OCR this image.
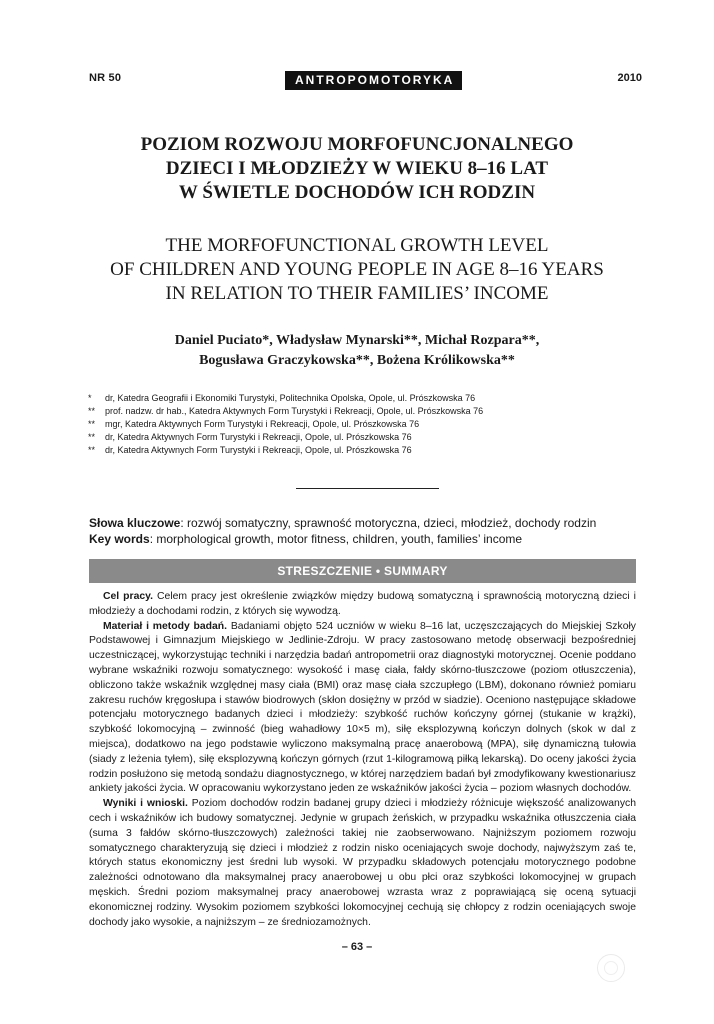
NR 50	ANTROPOMOTORYKA	2010
POZIOM ROZWOJU MORFOFUNCJONALNEGO
DZIECI I MŁODZIEŻY W WIEKU 8–16 LAT
W ŚWIETLE DOCHODÓW ICH RODZIN
THE MORFOFUNCTIONAL GROWTH LEVEL
OF CHILDREN AND YOUNG PEOPLE IN AGE 8–16 YEARS
IN RELATION TO THEIR FAMILIES’ INCOME
Daniel Puciato*, Władysław Mynarski**, Michał Rozpara**,
Bogusława Graczykowska**, Bożena Królikowska**
*	dr, Katedra Geografii i Ekonomiki Turystyki, Politechnika Opolska, Opole, ul. Prószkowska 76
**	prof. nadzw. dr hab., Katedra Aktywnych Form Turystyki i Rekreacji, Opole, ul. Prószkowska 76
**	mgr, Katedra Aktywnych Form Turystyki i Rekreacji, Opole, ul. Prószkowska 76
**	dr, Katedra Aktywnych Form Turystyki i Rekreacji, Opole, ul. Prószkowska 76
**	dr, Katedra Aktywnych Form Turystyki i Rekreacji, Opole, ul. Prószkowska 76
Słowa kluczowe: rozwój somatyczny, sprawność motoryczna, dzieci, młodzież, dochody rodzin
Key words: morphological growth, motor fitness, children, youth, families’ income
STRESZCZENIE • SUMMARY

Cel pracy. Celem pracy jest określenie związków między budową somatyczną i sprawnością motoryczną dzieci i młodzieży a dochodami rodzin, z których się wywodzą.

Materiał i metody badań. Badaniami objęto 524 uczniów w wieku 8–16 lat, uczęszczających do Miejskiej Szkoły Podstawowej i Gimnazjum Miejskiego w Jedlinie-Zdroju. W pracy zastosowano metodę obserwacji bezpośredniej uczestniczącej, wykorzystując techniki i narzędzia badań antropometrii oraz diagnostyki motorycznej. Ocenie poddano wybrane wskaźniki rozwoju somatycznego: wysokość i masę ciała, fałdy skórno-tłuszczowe (poziom otłuszczenia), obliczono także wskaźnik względnej masy ciała (BMI) oraz masę ciała szczupłego (LBM), dokonano również pomiaru zakresu ruchów kręgosłupa i stawów biodrowych (skłon dosiężny w przód w siadzie). Oceniono następujące składowe potencjału motorycznego badanych dzieci i młodzieży: szybkość ruchów kończyny górnej (stukanie w krążki), szybkość lokomocyjną – zwinność (bieg wahadłowy 10×5 m), siłę eksplozywną kończyn dolnych (skok w dal z miejsca), dodatkowo na jego podstawie wyliczono maksymalną pracę anaerobową (MPA), siłę dynamiczną tułowia (siady z leżenia tyłem), siłę eksplozywną kończyn górnych (rzut 1-kilogramową piłką lekarską). Do oceny jakości życia rodzin posłużono się metodą sondażu diagnostycznego, w której narzędziem badań był zmodyfikowany kwestionariusz ankiety jakości życia. W opracowaniu wykorzystano jeden ze wskaźników jakości życia – poziom własnych dochodów.

Wyniki i wnioski. Poziom dochodów rodzin badanej grupy dzieci i młodzieży różnicuje większość analizowanych cech i wskaźników ich budowy somatycznej. Jedynie w grupach żeńskich, w przypadku wskaźnika otłuszczenia ciała (suma 3 fałdów skórno-tłuszczowych) zależności takiej nie zaobserwowano. Najniższym poziomem rozwoju somatycznego charakteryzują się dzieci i młodzież z rodzin nisko oceniających swoje dochody, najwyższym zaś te, których status ekonomiczny jest średni lub wysoki. W przypadku składowych potencjału motorycznego podobne zależności odnotowano dla maksymalnej pracy anaerobowej u obu płci oraz szybkości lokomocyjnej w grupach męskich. Średni poziom maksymalnej pracy anaerobowej wzrasta wraz z poprawiającą się oceną sytuacji ekonomicznej rodziny. Wysokim poziomem szybkości lokomocyjnej cechują się chłopcy z rodzin oceniających swoje dochody jako wysokie, a najniższym – ze średniozamożnych.

– 63 –
